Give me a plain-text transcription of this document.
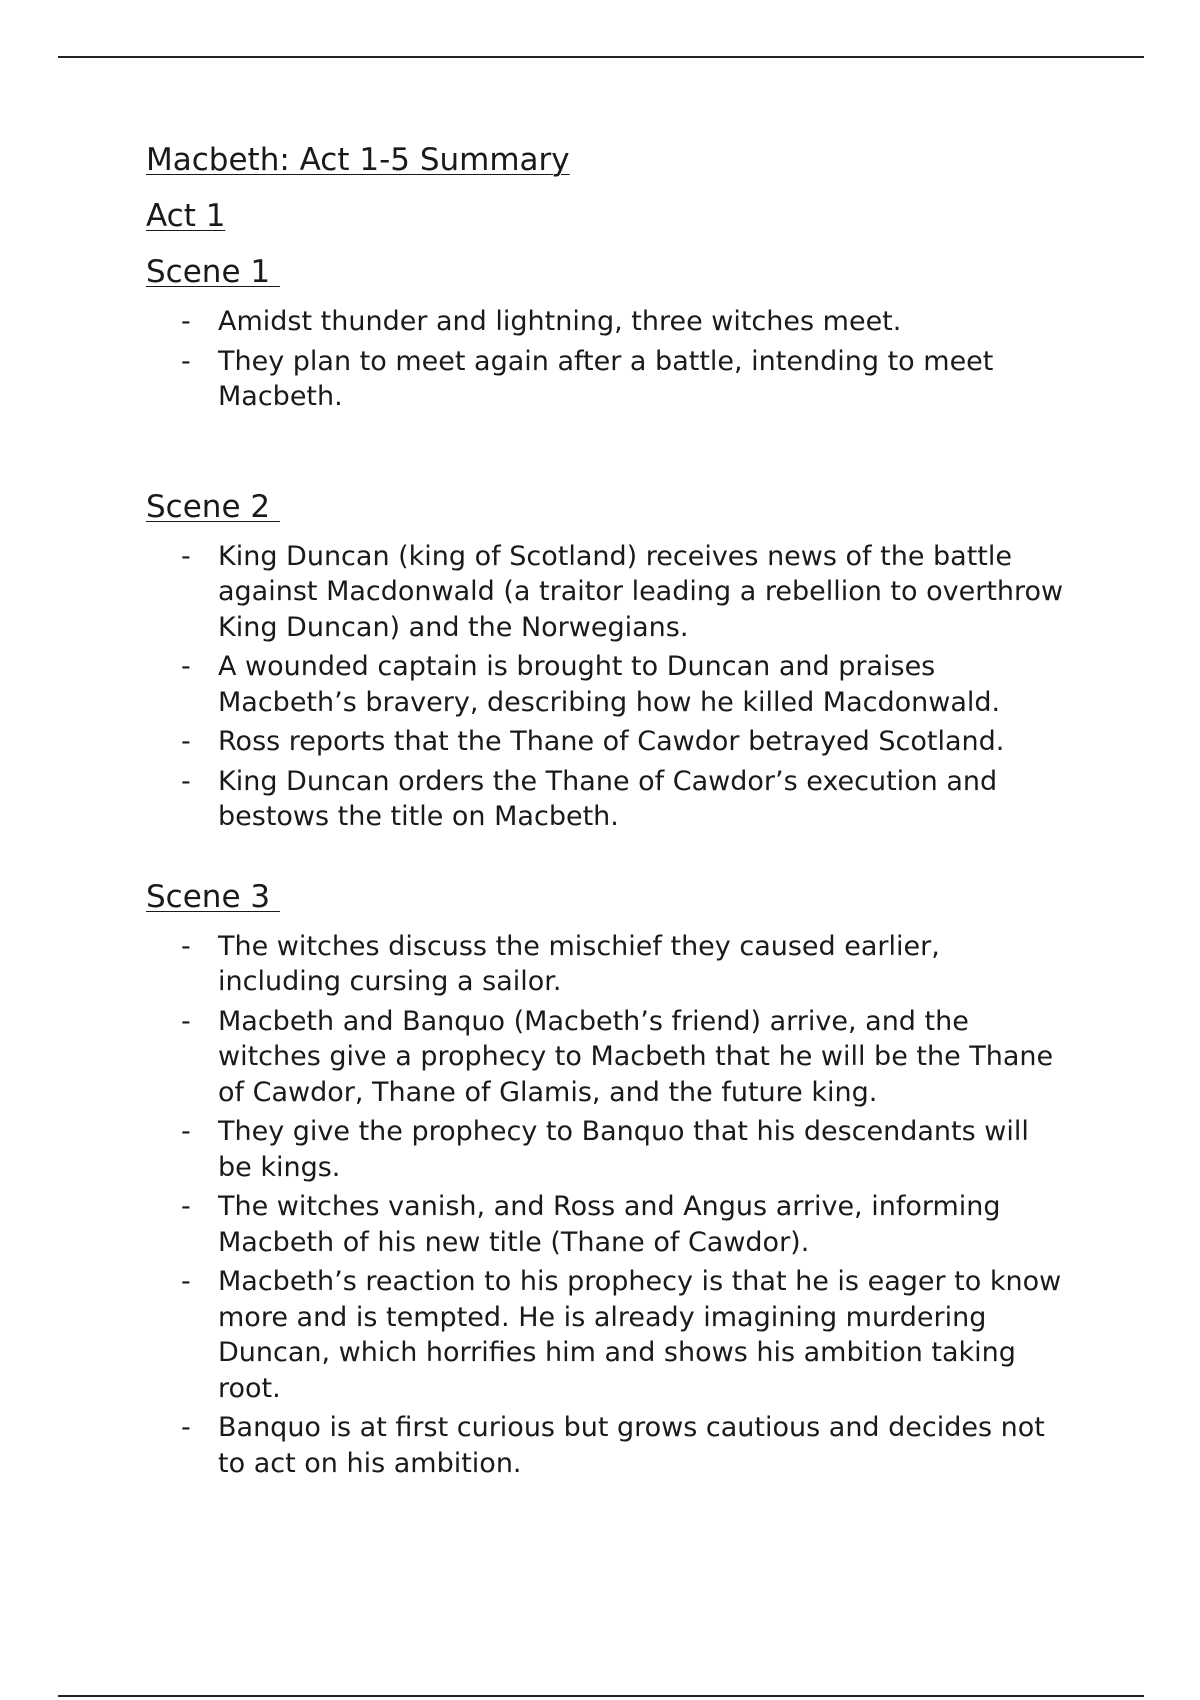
Macbeth: Act 1-5 Summary
Act 1
Scene 1
- Amidst thunder and lightning, three witches meet.
- They plan to meet again after a battle, intending to meet Macbeth.
Scene 2
- King Duncan (king of Scotland) receives news of the battle against Macdonwald (a traitor leading a rebellion to overthrow King Duncan) and the Norwegians.
- A wounded captain is brought to Duncan and praises Macbeth’s bravery, describing how he killed Macdonwald.
- Ross reports that the Thane of Cawdor betrayed Scotland.
- King Duncan orders the Thane of Cawdor’s execution and bestows the title on Macbeth.
Scene 3
- The witches discuss the mischief they caused earlier, including cursing a sailor.
- Macbeth and Banquo (Macbeth’s friend) arrive, and the witches give a prophecy to Macbeth that he will be the Thane of Cawdor, Thane of Glamis, and the future king.
- They give the prophecy to Banquo that his descendants will be kings.
- The witches vanish, and Ross and Angus arrive, informing Macbeth of his new title (Thane of Cawdor).
- Macbeth’s reaction to his prophecy is that he is eager to know more and is tempted. He is already imagining murdering Duncan, which horrifies him and shows his ambition taking root.
- Banquo is at first curious but grows cautious and decides not to act on his ambition.
